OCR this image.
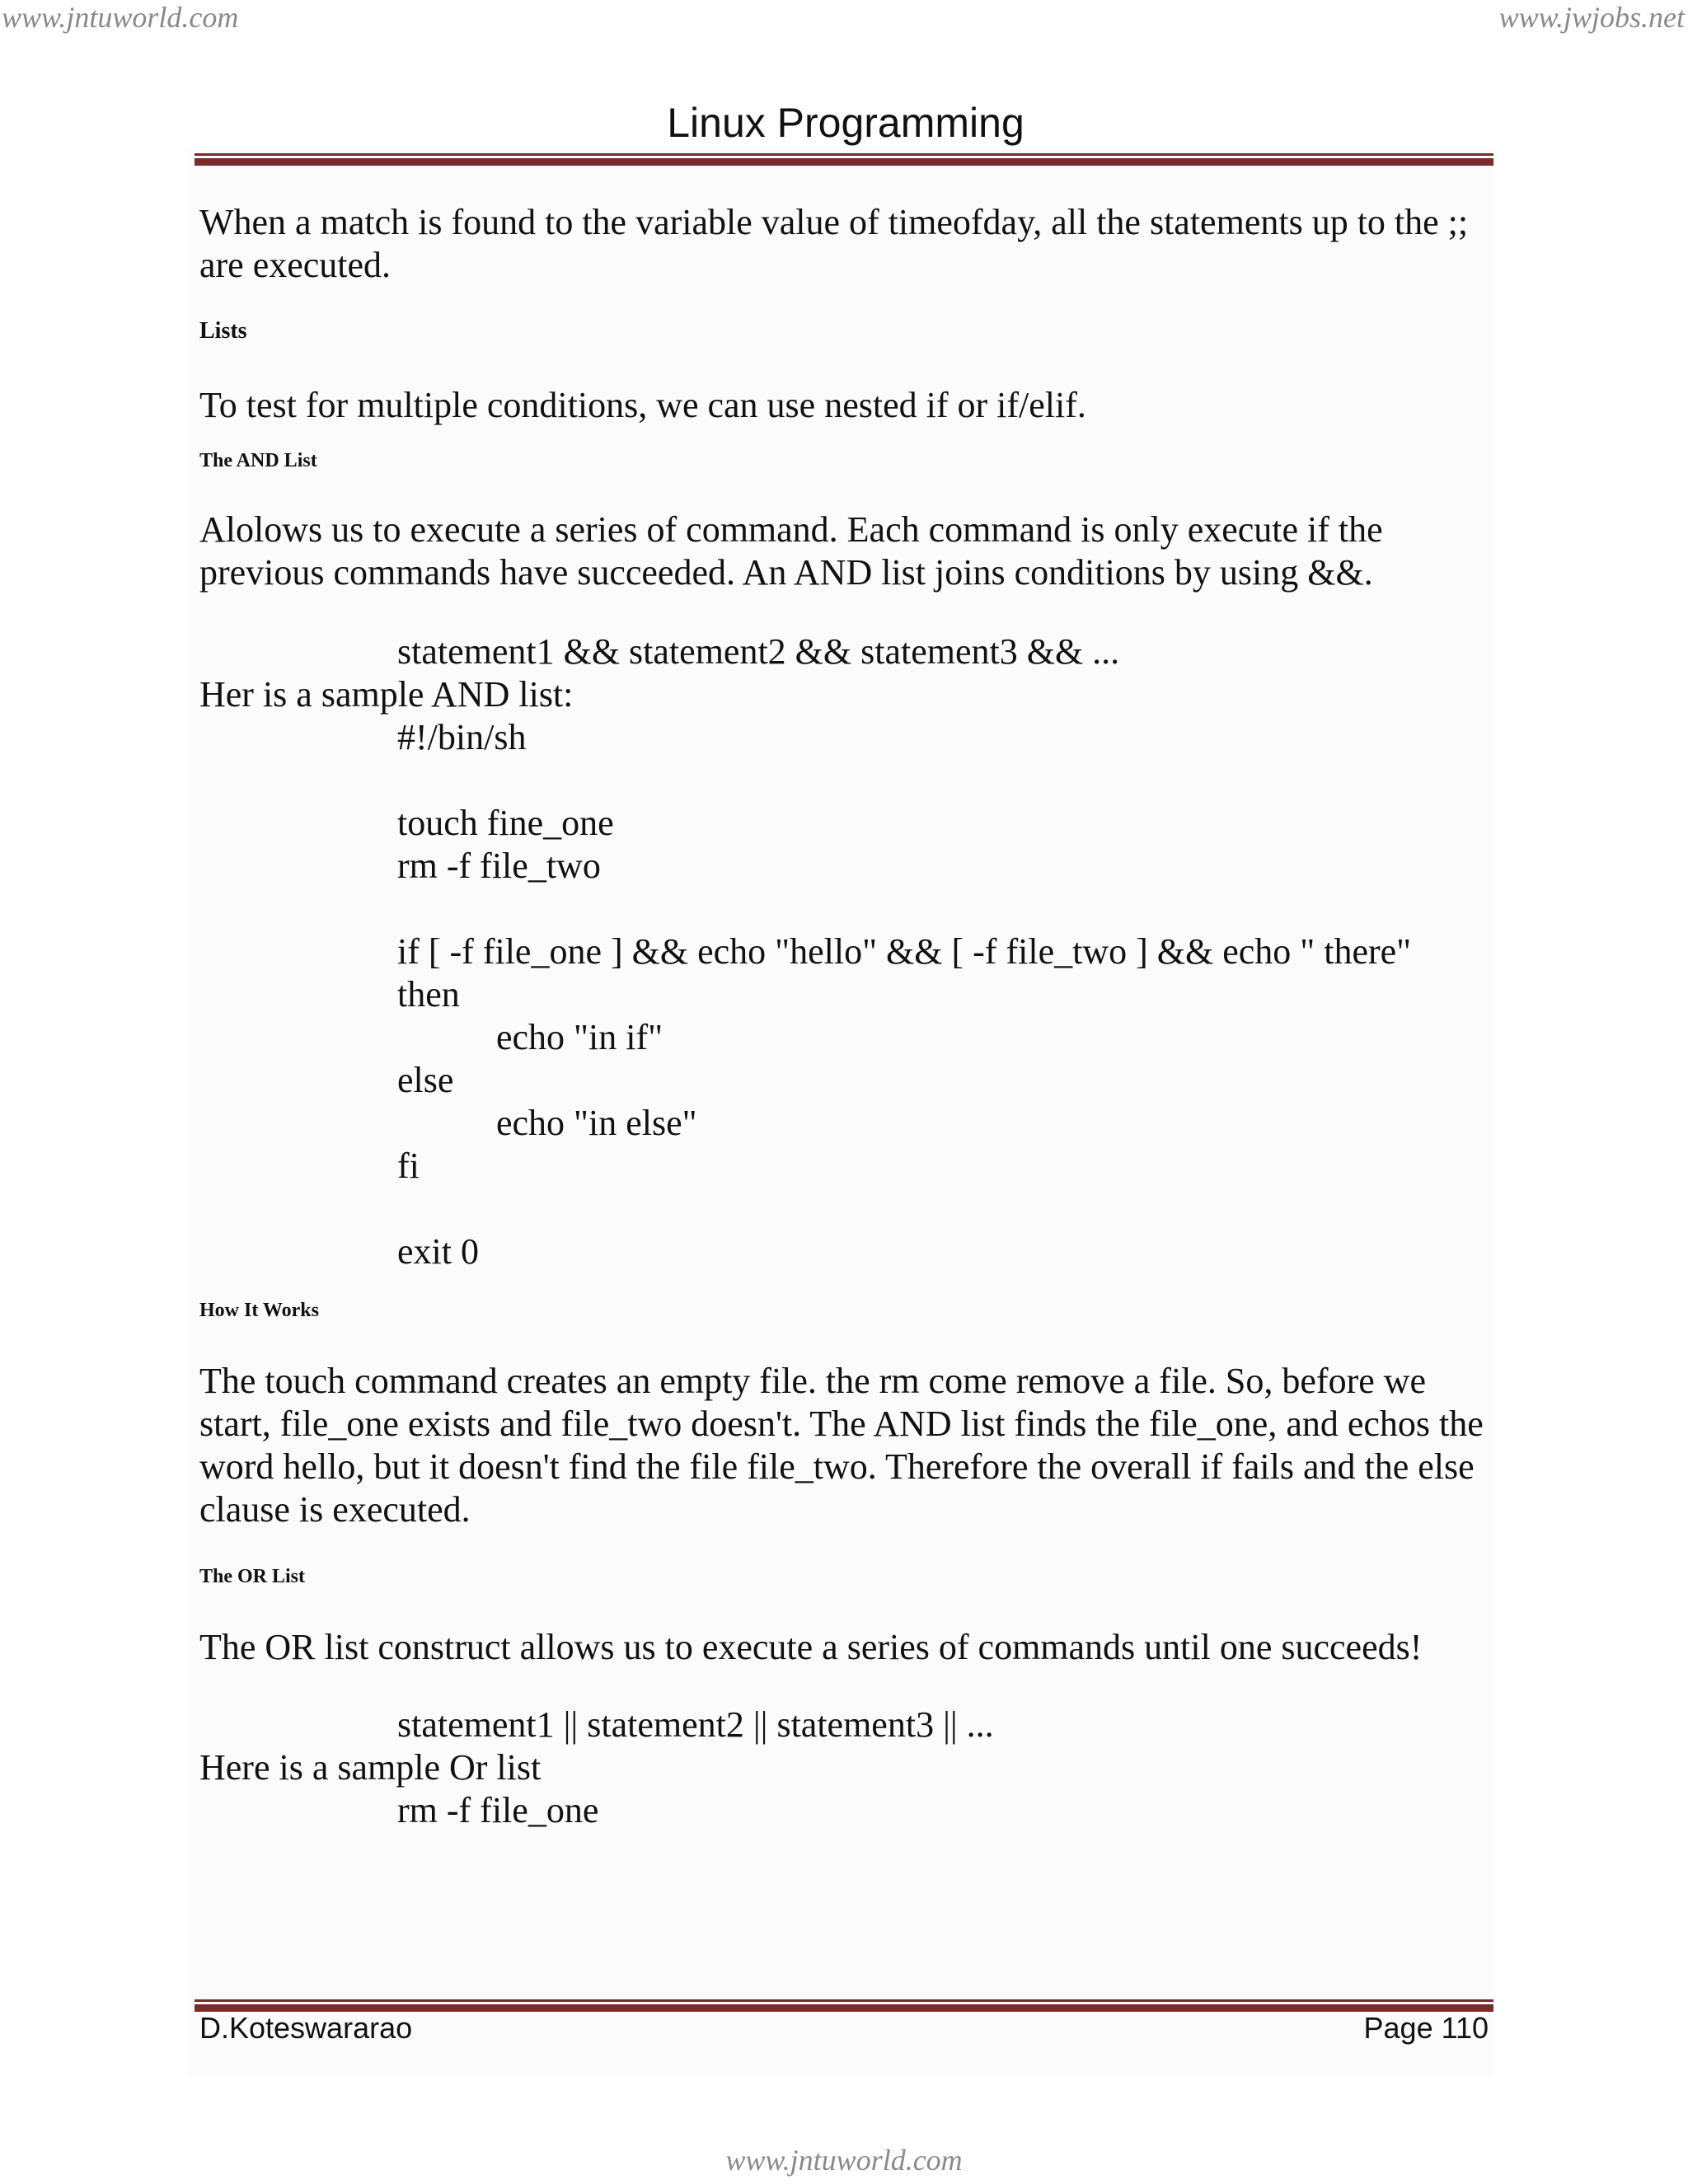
www.jntuworld.com	www.jwjobs.net
Linux Programming

When a match is found to the variable value of timeofday, all the statements up to the ;; are executed.

Lists

To test for multiple conditions, we can use nested if or if/elif.

The AND List

Alolows us to execute a series of command. Each command is only execute if the previous commands have succeeded. An AND list joins conditions by using &&.

statement1 && statement2 && statement3 && ...

Her is a sample AND list:

#!/bin/sh

touch fine_one

rm -f file_two

if [ -f file_one ] && echo "hello" && [ -f file_two ] && echo " there"

then

echo "in if"

else

echo "in else"

fi

exit 0

How It Works

The touch command creates an empty file. the rm come remove a file. So, before we start, file_one exists and file_two doesn't. The AND list finds the file_one, and echos the word hello, but it doesn't find the file file_two. Therefore the overall if fails and the else clause is executed.

The OR List

The OR list construct allows us to execute a series of commands until one succeeds!

statement1 || statement2 || statement3 || ...

Here is a sample Or list

rm -f file_one

D.Koteswararao	Page 110
www.jntuworld.com
